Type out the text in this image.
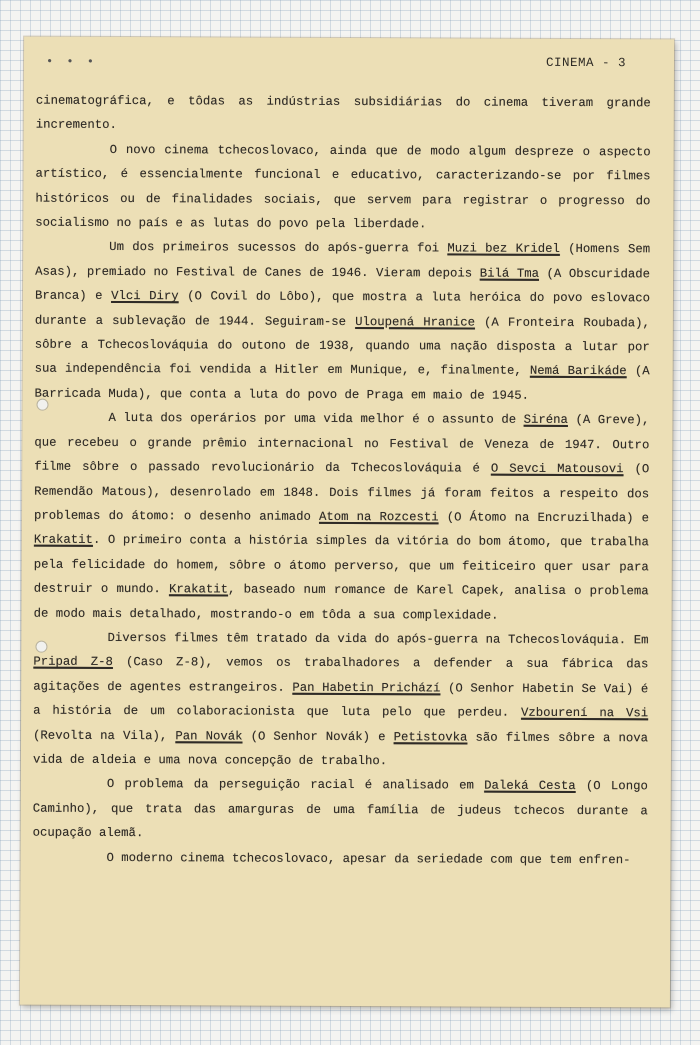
• • •	CINEMA - 3

cinematográfica, e tôdas as indústrias subsidiárias do cinema tiveram grande incremento.

O novo cinema tchecoslovaco, ainda que de modo algum despreze o aspecto artístico, é essencialmente funcional e educativo, caracterizando-se por filmes históricos ou de finalidades sociais, que servem para registrar o progresso do socialismo no país e as lutas do povo pela liberdade.

Um dos primeiros sucessos do após-guerra foi Muzi bez Kridel (Homens Sem Asas), premiado no Festival de Canes de 1946. Vieram depois Bilá Tma (A Obscuridade Branca) e Vlci Diry (O Covil do Lôbo), que mostra a luta heróica do povo eslovaco durante a sublevação de 1944. Seguiram-se Uloupená Hranice (A Fronteira Roubada), sôbre a Tchecoslováquia do outono de 1938, quando uma nação disposta a lutar por sua independência foi vendida a Hitler em Munique, e, finalmente, Nemá Barikáde (A Barricada Muda), que conta a luta do povo de Praga em maio de 1945.

A luta dos operários por uma vida melhor é o assunto de Siréna (A Greve), que recebeu o grande prêmio internacional no Festival de Veneza de 1947. Outro filme sôbre o passado revolucionário da Tchecoslováquia é O Sevci Matousovi (O Remendão Matous), desenrolado em 1848. Dois filmes já foram feitos a respeito dos problemas do átomo: o desenho animado Atom na Rozcesti (O Átomo na Encruzilhada) e Krakatit. O primeiro conta a história simples da vitória do bom átomo, que trabalha pela felicidade do homem, sôbre o átomo perverso, que um feiticeiro quer usar para destruir o mundo. Krakatit, baseado num romance de Karel Capek, analisa o problema de modo mais detalhado, mostrando-o em tôda a sua complexidade.

Diversos filmes têm tratado da vida do após-guerra na Tchecoslováquia. Em Pripad Z-8 (Caso Z-8), vemos os trabalhadores a defender a sua fábrica das agitações de agentes estrangeiros. Pan Habetin Prichází (O Senhor Habetin Se Vai) é a história de um colaboracionista que luta pelo que perdeu. Vzbourení na Vsi (Revolta na Vila), Pan Novák (O Senhor Novák) e Petistovka são filmes sôbre a nova vida de aldeia e uma nova concepção de trabalho.

O problema da perseguição racial é analisado em Daleká Cesta (O Longo Caminho), que trata das amarguras de uma família de judeus tchecos durante a ocupação alemã.

O moderno cinema tchecoslovaco, apesar da seriedade com que tem enfren-
